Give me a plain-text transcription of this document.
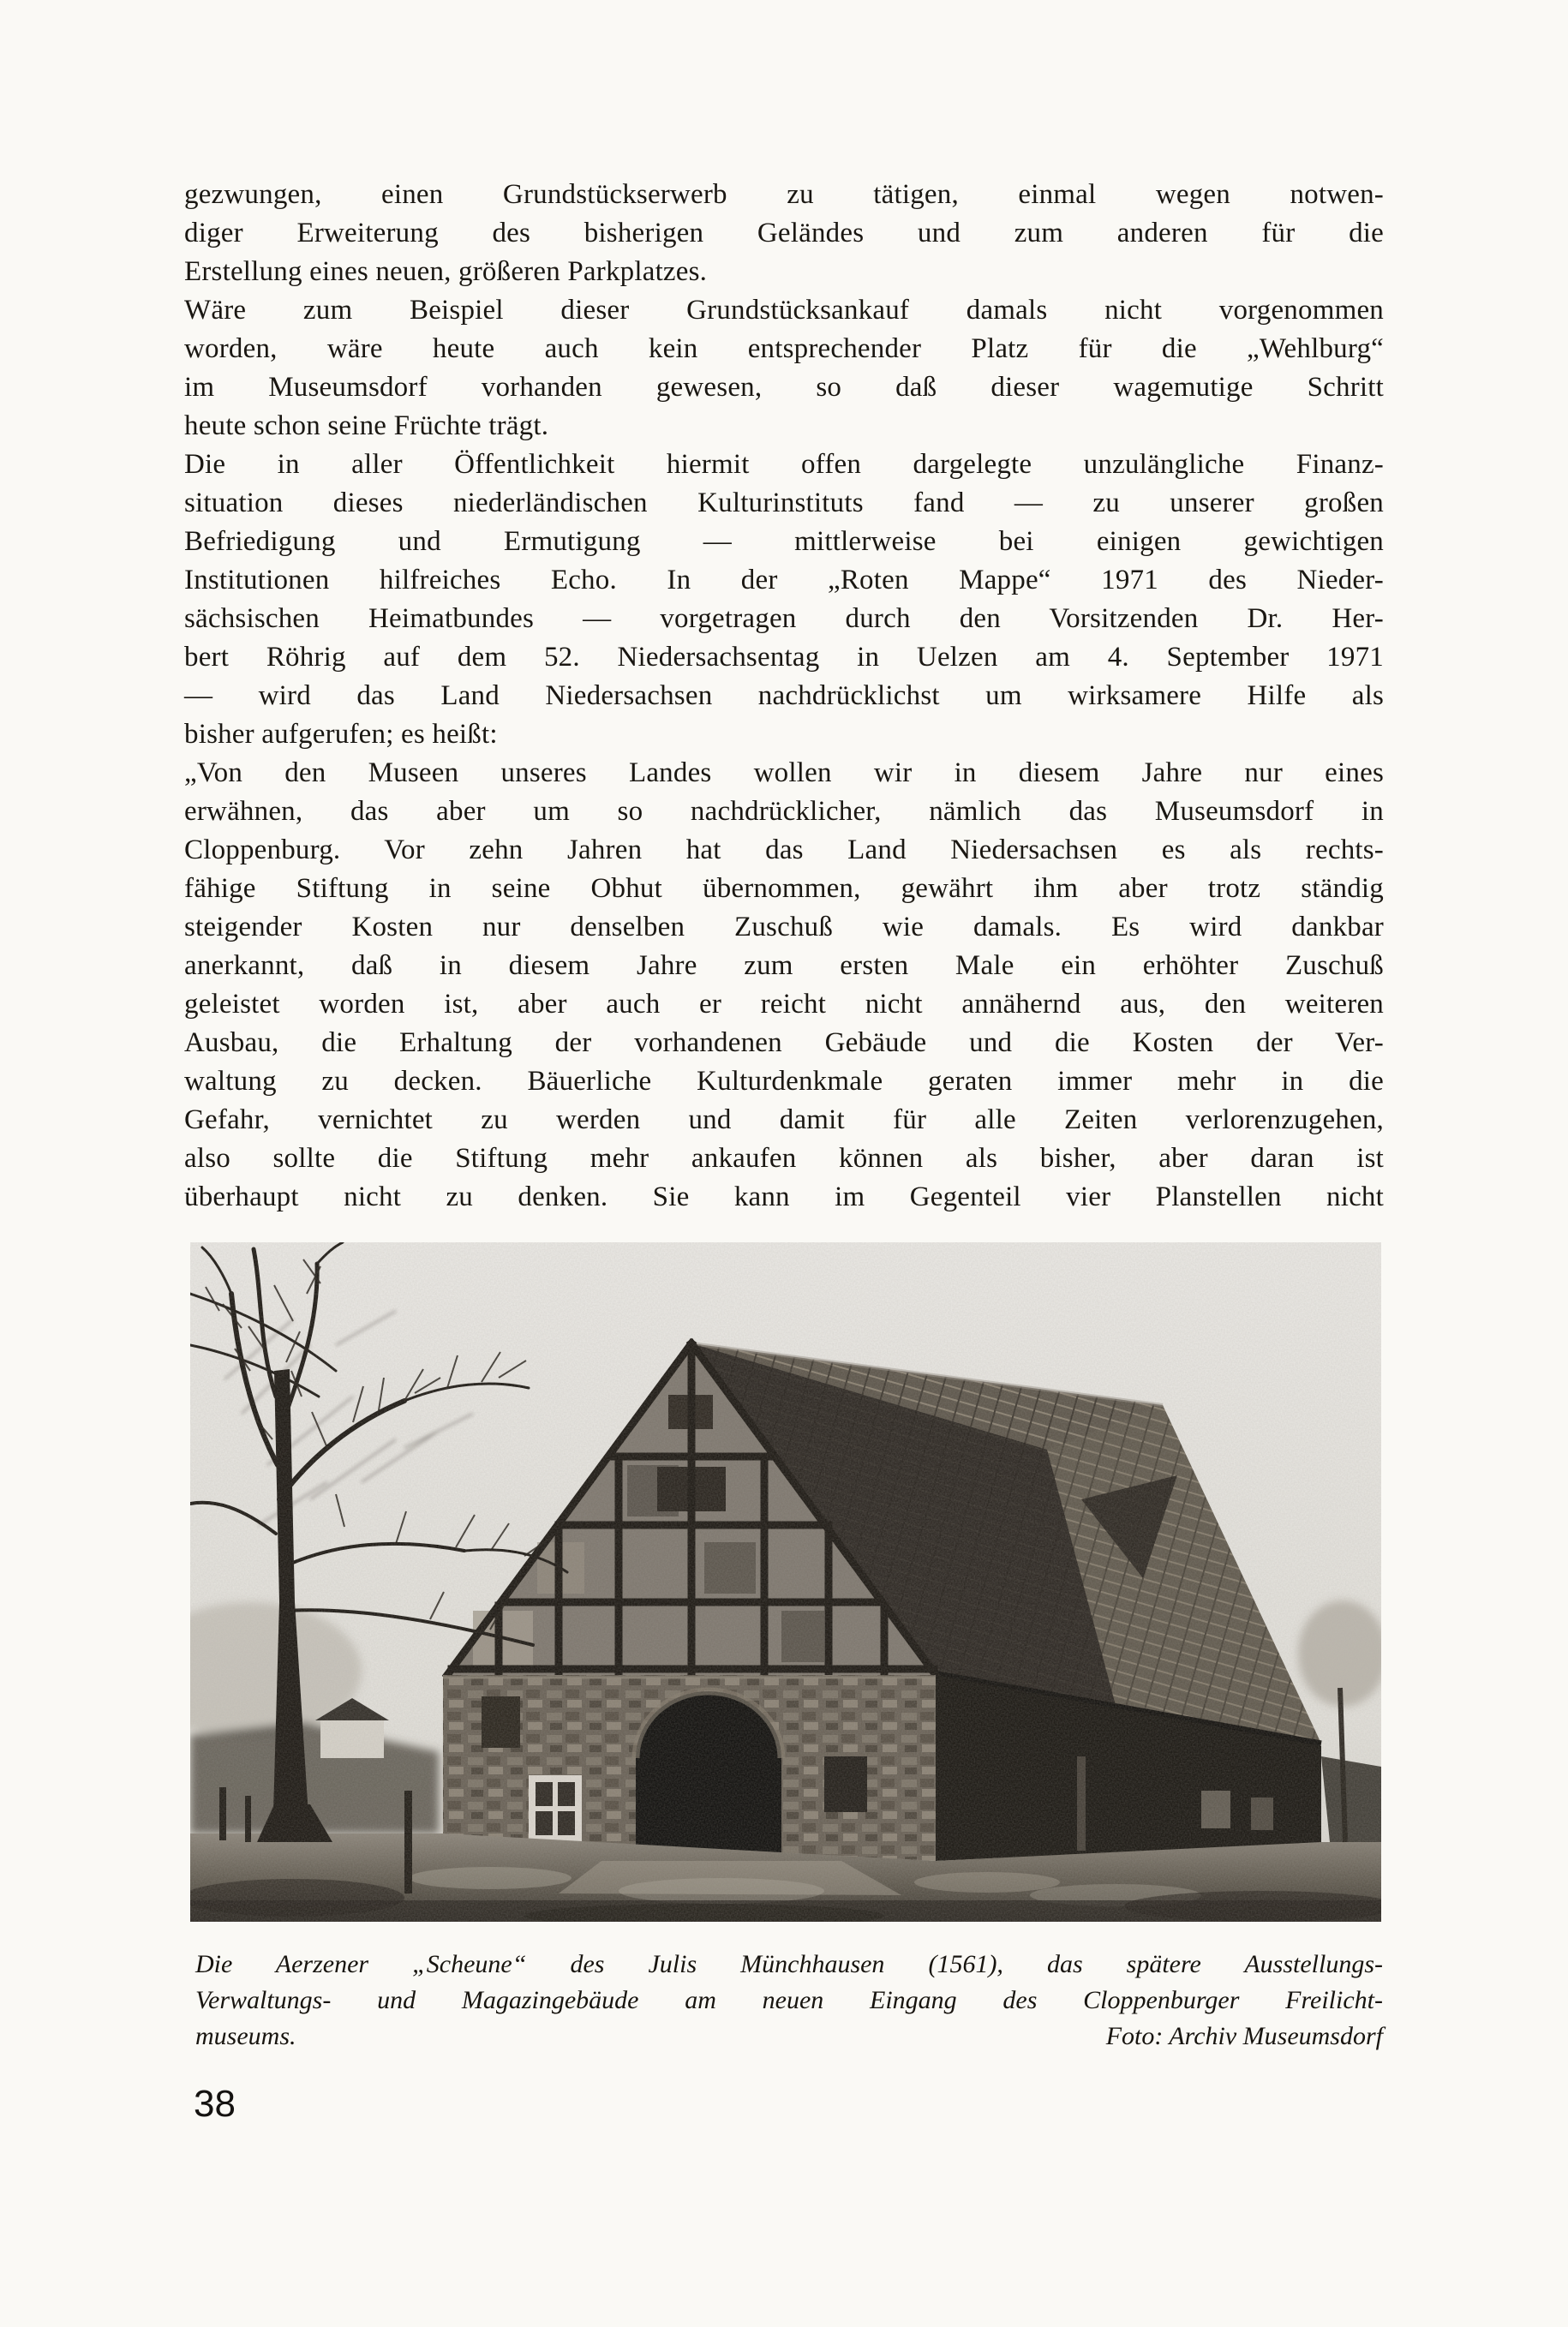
gezwungen, einen Grundstückserwerb zu tätigen, einmal wegen notwen-
diger Erweiterung des bisherigen Geländes und zum anderen für die
Erstellung eines neuen, größeren Parkplatzes.
Wäre zum Beispiel dieser Grundstücksankauf damals nicht vorgenommen
worden, wäre heute auch kein entsprechender Platz für die „Wehlburg“
im Museumsdorf vorhanden gewesen, so daß dieser wagemutige Schritt
heute schon seine Früchte trägt.
Die in aller Öffentlichkeit hiermit offen dargelegte unzulängliche Finanz-
situation dieses niederländischen Kulturinstituts fand — zu unserer großen
Befriedigung und Ermutigung — mittlerweise bei einigen gewichtigen
Institutionen hilfreiches Echo. In der „Roten Mappe“ 1971 des Nieder-
sächsischen Heimatbundes — vorgetragen durch den Vorsitzenden Dr. Her-
bert Röhrig auf dem 52. Niedersachsentag in Uelzen am 4. September 1971
— wird das Land Niedersachsen nachdrücklichst um wirksamere Hilfe als
bisher aufgerufen; es heißt:
„Von den Museen unseres Landes wollen wir in diesem Jahre nur eines
erwähnen, das aber um so nachdrücklicher, nämlich das Museumsdorf in
Cloppenburg. Vor zehn Jahren hat das Land Niedersachsen es als rechts-
fähige Stiftung in seine Obhut übernommen, gewährt ihm aber trotz ständig
steigender Kosten nur denselben Zuschuß wie damals. Es wird dankbar
anerkannt, daß in diesem Jahre zum ersten Male ein erhöhter Zuschuß
geleistet worden ist, aber auch er reicht nicht annähernd aus, den weiteren
Ausbau, die Erhaltung der vorhandenen Gebäude und die Kosten der Ver-
waltung zu decken. Bäuerliche Kulturdenkmale geraten immer mehr in die
Gefahr, vernichtet zu werden und damit für alle Zeiten verlorenzugehen,
also sollte die Stiftung mehr ankaufen können als bisher, aber daran ist
überhaupt nicht zu denken. Sie kann im Gegenteil vier Planstellen nicht
Die Aerzener „Scheune“ des Julis Münchhausen (1561), das spätere Ausstellungs-
Verwaltungs- und Magazingebäude am neuen Eingang des Cloppenburger Freilicht-
museums.	Foto: Archiv Museumsdorf
38
